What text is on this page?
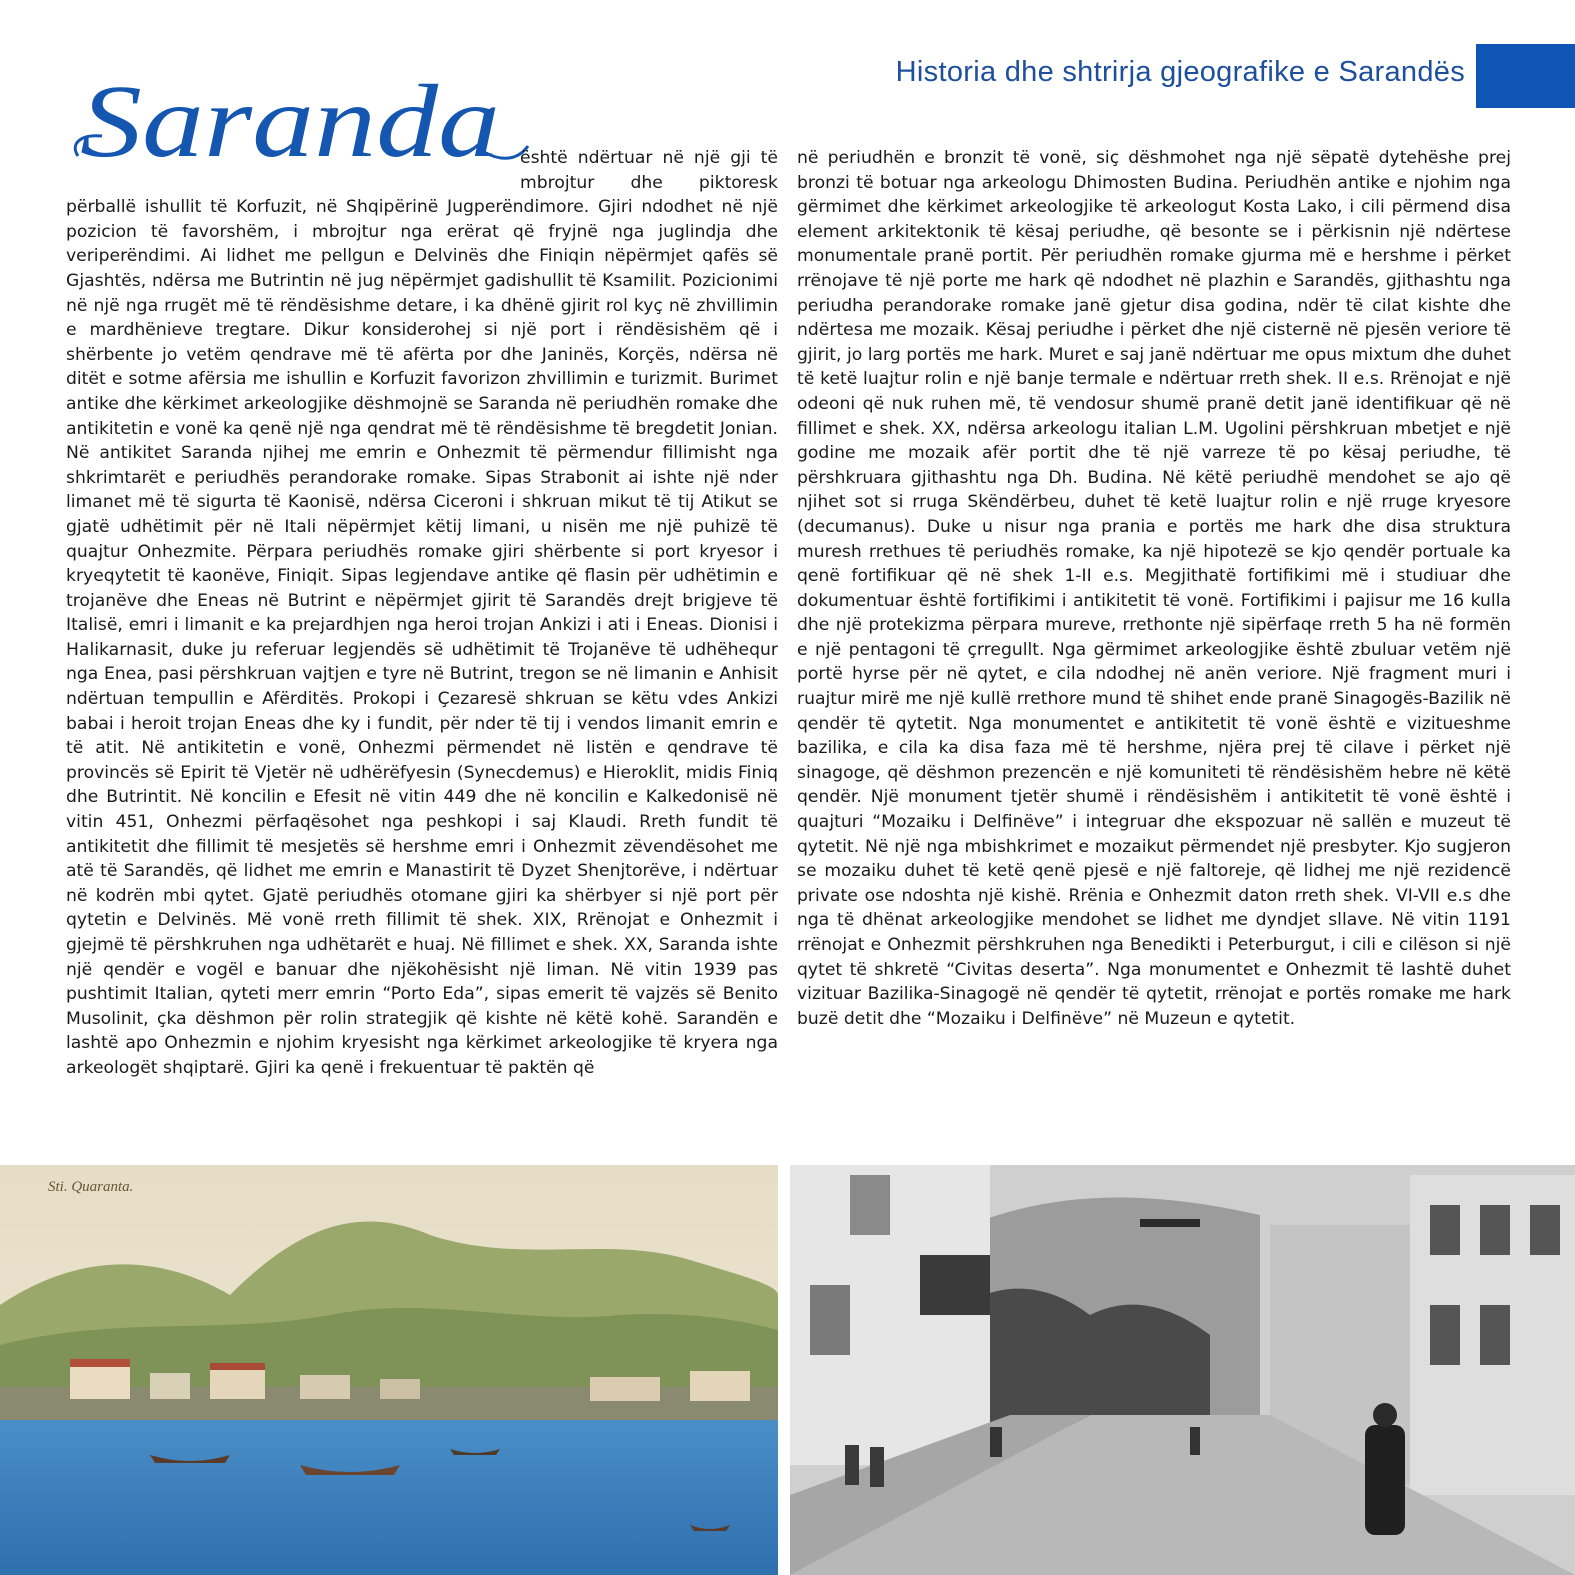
Historia dhe shtrirja gjeografike e Sarandës
Saranda	është ndërtuar në një gji të mbrojtur dhe piktoresk përballë ishullit të Korfuzit, në Shqipërinë Jugperëndimore. Gjiri ndodhet në një pozicion të favorshëm, i mbrojtur nga erërat që fryjnë nga juglindja dhe veriperëndimi. Ai lidhet me pellgun e Delvinës dhe Finiqin nëpërmjet qafës së Gjashtës, ndërsa me Butrintin në jug nëpërmjet gadishullit të Ksamilit. Pozicionimi në një nga rrugët më të rëndësishme detare, i ka dhënë gjirit rol kyç në zhvillimin e mardhënieve tregtare. Dikur konsiderohej si një port i rëndësishëm që i shërbente jo vetëm qendrave më të afërta por dhe Janinës, Korçës, ndërsa në ditët e sotme afërsia me ishullin e Korfuzit favorizon zhvillimin e turizmit. Burimet antike dhe kërkimet arkeologjike dëshmojnë se Saranda në periudhën romake dhe antikitetin e vonë ka qenë një nga qendrat më të rëndësishme të bregdetit Jonian. Në antikitet Saranda njihej me emrin e Onhezmit të përmendur fillimisht nga shkrimtarët e periudhës perandorake romake. Sipas Strabonit ai ishte një nder limanet më të sigurta të Kaonisë, ndërsa Ciceroni i shkruan mikut të tij Atikut se gjatë udhëtimit për në Itali nëpërmjet këtij limani, u nisën me një puhizë të quajtur Onhezmite. Përpara periudhës romake gjiri shërbente si port kryesor i kryeqytetit të kaonëve, Finiqit. Sipas legjendave antike që flasin për udhëtimin e trojanëve dhe Eneas në Butrint e nëpërmjet gjirit të Sarandës drejt brigjeve të Italisë, emri i limanit e ka prejardhjen nga heroi trojan Ankizi i ati i Eneas. Dionisi i Halikarnasit, duke ju referuar legjendës së udhëtimit të Trojanëve të udhëhequr nga Enea, pasi përshkruan vajtjen e tyre në Butrint, tregon se në limanin e Anhisit ndërtuan tempullin e Afërditës. Prokopi i Çezaresë shkruan se këtu vdes Ankizi babai i heroit trojan Eneas dhe ky i fundit, për nder të tij i vendos limanit emrin e të atit. Në antikitetin e vonë, Onhezmi përmendet në listën e qendrave të provincës së Epirit të Vjetër në udhërëfyesin (Synecdemus) e Hieroklit, midis Finiq dhe Butrintit. Në koncilin e Efesit në vitin 449 dhe në koncilin e Kalkedonisë në vitin 451, Onhezmi përfaqësohet nga peshkopi i saj Klaudi. Rreth fundit të antikitetit dhe fillimit të mesjetës së hershme emri i Onhezmit zëvendësohet me atë të Sarandës, që lidhet me emrin e Manastirit të Dyzet Shenjtorëve, i ndërtuar në kodrën mbi qytet. Gjatë periudhës otomane gjiri ka shërbyer si një port për qytetin e Delvinës. Më vonë rreth fillimit të shek. XIX, Rrënojat e Onhezmit i gjejmë të përshkruhen nga udhëtarët e huaj. Në fillimet e shek. XX, Saranda ishte një qendër e vogël e banuar dhe njëkohësisht një liman. Në vitin 1939 pas pushtimit Italian, qyteti merr emrin “Porto Eda”, sipas emerit të vajzës së Benito Musolinit, çka dëshmon për rolin strategjik që kishte në këtë kohë. Sarandën e lashtë apo Onhezmin e njohim kryesisht nga kërkimet arkeologjike të kryera nga arkeologët shqiptarë. Gjiri ka qenë i frekuentuar të paktën që

në periudhën e bronzit të vonë, siç dëshmohet nga një sëpatë dytehëshe prej bronzi të botuar nga arkeologu Dhimosten Budina. Periudhën antike e njohim nga gërmimet dhe kërkimet arkeologjike të arkeologut Kosta Lako, i cili përmend disa element arkitektonik të kësaj periudhe, që besonte se i përkisnin një ndërtese monumentale pranë portit. Për periudhën romake gjurma më e hershme i përket rrënojave të një porte me hark që ndodhet në plazhin e Sarandës, gjithashtu nga periudha perandorake romake janë gjetur disa godina, ndër të cilat kishte dhe ndërtesa me mozaik. Kësaj periudhe i përket dhe një cisternë në pjesën veriore të gjirit, jo larg portës me hark. Muret e saj janë ndërtuar me opus mixtum dhe duhet të ketë luajtur rolin e një banje termale e ndërtuar rreth shek. II e.s. Rrënojat e një odeoni që nuk ruhen më, të vendosur shumë pranë detit janë identifikuar që në fillimet e shek. XX, ndërsa arkeologu italian L.M. Ugolini përshkruan mbetjet e një godine me mozaik afër portit dhe të një varreze të po kësaj periudhe, të përshkruara gjithashtu nga Dh. Budina. Në këtë periudhë mendohet se ajo që njihet sot si rruga Skëndërbeu, duhet të ketë luajtur rolin e një rruge kryesore (decumanus). Duke u nisur nga prania e portës me hark dhe disa struktura muresh rrethues të periudhës romake, ka një hipotezë se kjo qendër portuale ka qenë fortifikuar që në shek 1-II e.s. Megjithatë fortifikimi më i studiuar dhe dokumentuar është fortifikimi i antikitetit të vonë. Fortifikimi i pajisur me 16 kulla dhe një protekizma përpara mureve, rrethonte një sipërfaqe rreth 5 ha në formën e një pentagoni të çrregullt. Nga gërmimet arkeologjike është zbuluar vetëm një portë hyrse për në qytet, e cila ndodhej në anën veriore. Një fragment muri i ruajtur mirë me një kullë rrethore mund të shihet ende pranë Sinagogës-Bazilik në qendër të qytetit. Nga monumentet e antikitetit të vonë është e vizitueshme bazilika, e cila ka disa faza më të hershme, njëra prej të cilave i përket një sinagoge, që dëshmon prezencën e një komuniteti të rëndësishëm hebre në këtë qendër. Një monument tjetër shumë i rëndësishëm i antikitetit të vonë është i quajturi “Mozaiku i Delfinëve” i integruar dhe ekspozuar në sallën e muzeut të qytetit. Në një nga mbishkrimet e mozaikut përmendet një presbyter. Kjo sugjeron se mozaiku duhet të ketë qenë pjesë e një faltoreje, që lidhej me një rezidencë private ose ndoshta një kishë. Rrënia e Onhezmit daton rreth shek. VI-VII e.s dhe nga të dhënat arkeologjike mendohet se lidhet me dyndjet sllave. Në vitin 1191 rrënojat e Onhezmit përshkruhen nga Benedikti i Peterburgut, i cili e cilëson si një qytet të shkretë “Civitas deserta”. Nga monumentet e Onhezmit të lashtë duhet vizituar Bazilika-Sinagogë në qendër të qytetit, rrënojat e portës romake me hark buzë detit dhe “Mozaiku i Delfinëve” në Muzeun e qytetit.

Sti. Quaranta.
